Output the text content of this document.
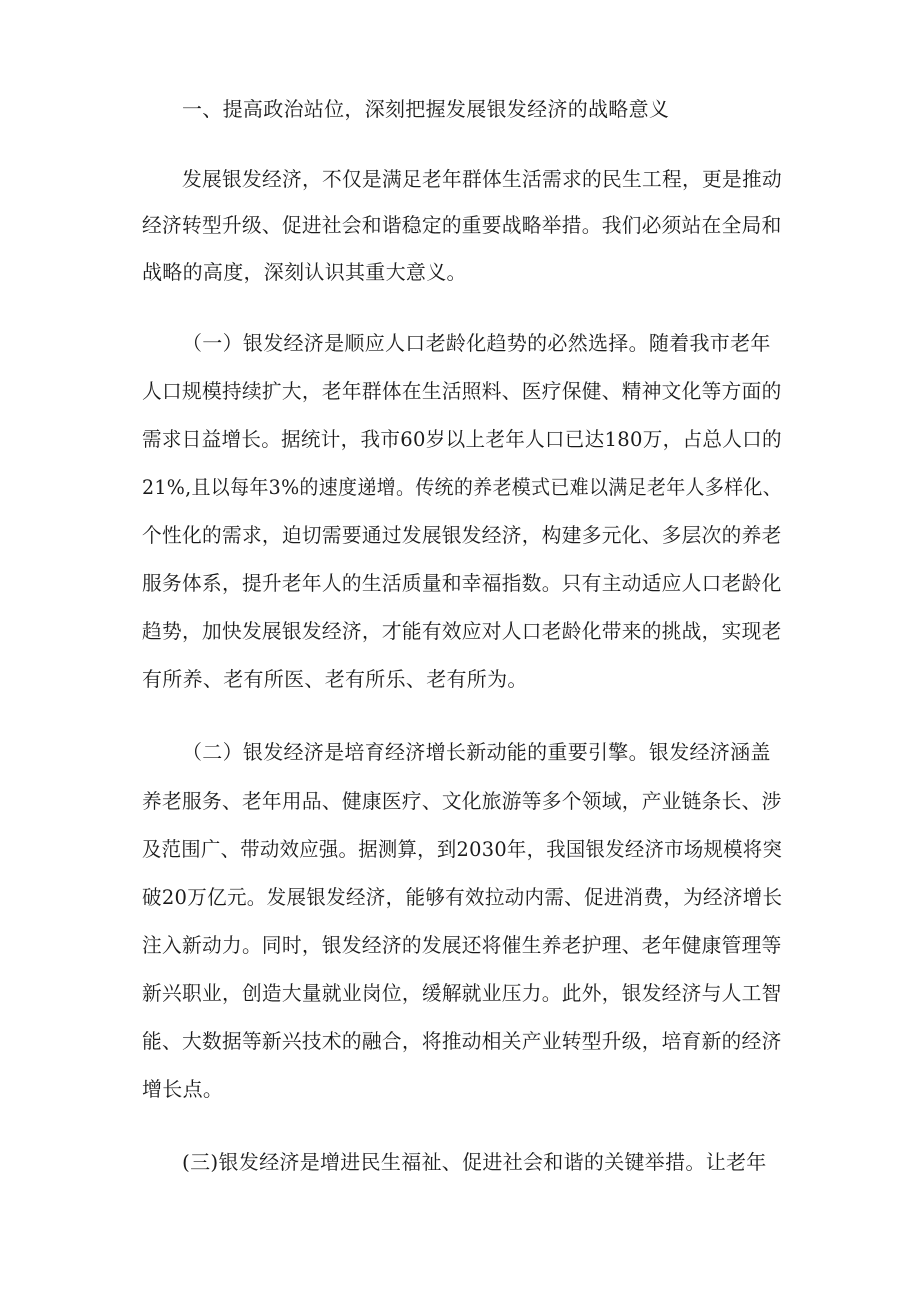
一、提高政治站位，深刻把握发展银发经济的战略意义
发展银发经济，不仅是满足老年群体生活需求的民生工程，更是推动
经济转型升级、促进社会和谐稳定的重要战略举措。我们必须站在全局和
战略的高度，深刻认识其重大意义。
（一）银发经济是顺应人口老龄化趋势的必然选择。随着我市老年
人口规模持续扩大，老年群体在生活照料、医疗保健、精神文化等方面的
需求日益增长。据统计，我市60岁以上老年人口已达180万，占总人口的
21%,且以每年3%的速度递增。传统的养老模式已难以满足老年人多样化、
个性化的需求，迫切需要通过发展银发经济，构建多元化、多层次的养老
服务体系，提升老年人的生活质量和幸福指数。只有主动适应人口老龄化
趋势，加快发展银发经济，才能有效应对人口老龄化带来的挑战，实现老
有所养、老有所医、老有所乐、老有所为。
（二）银发经济是培育经济增长新动能的重要引擎。银发经济涵盖
养老服务、老年用品、健康医疗、文化旅游等多个领域，产业链条长、涉
及范围广、带动效应强。据测算，到2030年，我国银发经济市场规模将突
破20万亿元。发展银发经济，能够有效拉动内需、促进消费，为经济增长
注入新动力。同时，银发经济的发展还将催生养老护理、老年健康管理等
新兴职业，创造大量就业岗位，缓解就业压力。此外，银发经济与人工智
能、大数据等新兴技术的融合，将推动相关产业转型升级，培育新的经济
增长点。
(三)银发经济是增进民生福祉、促进社会和谐的关键举措。让老年
